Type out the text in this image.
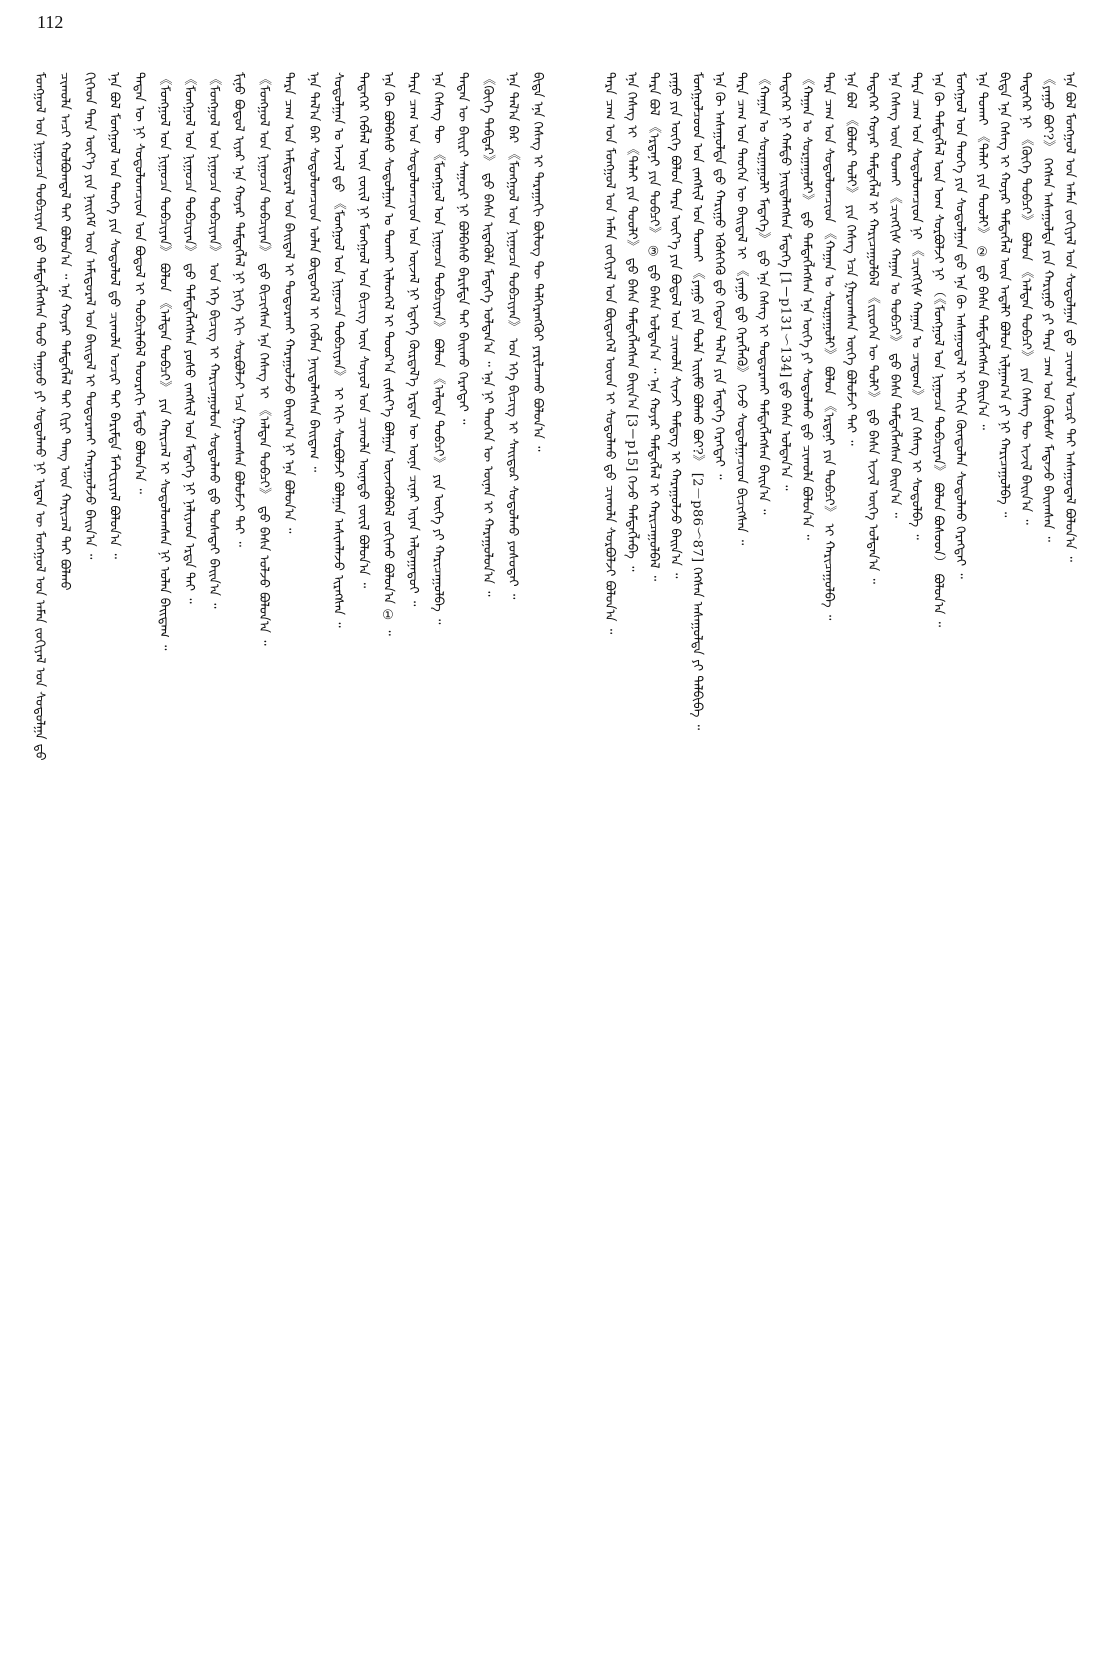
112
ᠮᠣᠩᠭᠣᠯ ᠤᠨ ᠨᠢᠭᠤᠴᠠ ᠲᠣᠪᠴᠢᠶᠠᠨ ᠳ᠋ᠤ᠌ ᠲᠡᠮᠳᠡᠭᠯᠡᠭᠰᠡᠨ ᠳᠤᠤ ᠳᠠᠭᠤᠤ ᠶᠢ ᠰᠣᠳᠤᠯᠬᠤ ᠨᠢ ᠡᠷᠲᠡᠨ ᠦ ᠮᠣᠩᠭᠣᠯ ᠤᠨ ᠠᠮᠠᠨ ᠵᠣᠬᠢᠶᠠᠯ ᠤᠨ ᠰᠤᠳᠤᠯᠭᠠ ᠳ᠋ᠤ᠌ ᠴᠢᠬᠤᠯᠠ ᠠᠴᠢ ᠬᠣᠯᠪᠣᠭᠳᠠᠯ ᠲᠠᠢ ᠪᠣᠯᠤᠨ᠎ᠠ ᠃ ᠡᠨᠡ ᠬᠣᠶᠠᠷ ᠲᠡᠮᠳᠡᠭᠯᠡᠯ ᠲᠠᠢ ᠬᠢᠷᠢ ᠲᠡᠩ ᠦᠨ ᠬᠠᠷᠢᠴᠠᠯ ᠲᠠᠢ ᠪᠣᠯᠬᠣ ᠬᠢᠭᠡᠳ ᠲᠡᠷᠡ ᠦᠶ᠎ᠡ ᠶᠢᠨ ᠨᠡᠢᠭᠡᠮ ᠦᠨ ᠠᠮᠢᠳᠤᠷᠠᠯ ᠤᠨ ᠪᠠᠢᠳᠠᠯ ᠢ ᠲᠣᠳᠣᠷᠬᠠᠢ ᠬᠠᠷᠠᠭᠤᠯᠵᠤ ᠪᠠᠢᠨ᠎ᠠ ᠃ ᠡᠨᠡ ᠪᠣᠯ ᠮᠣᠩᠭᠣᠯ ᠤᠨ ᠲᠡᠦᠬᠡ ᠶᠢᠨ ᠰᠤᠳᠤᠯᠤᠯ ᠳ᠋ᠤ᠌ ᠴᠢᠬᠤᠯᠠ ᠤᠴᠢᠷ ᠲᠠᠢ ᠪᠠᠷᠢᠮᠲᠠ ᠮᠠᠲᠧᠷᠢᠶᠠᠯ ᠪᠣᠯᠤᠨ᠎ᠠ ᠃ ᠲᠡᠳᠡᠨ ᠦ ᠨᠢ ᠰᠤᠳᠤᠯᠤᠭᠴᠢᠳ ᠤᠨ ᠪᠣᠳᠤᠯ ᠢ ᠲᠣᠪᠴᠢᠯᠠᠪᠠᠯ ᠳᠣᠣᠷᠠᠬᠢ ᠮᠡᠲᠦ ᠪᠣᠯᠤᠨ᠎ᠠ ᠃ 《ᠮᠣᠩᠭᠣᠯ ᠤᠨ ᠨᠢᠭᠤᠴᠠ ᠲᠣᠪᠴᠢᠶᠠᠨ》 ᠪᠣᠯᠤᠨ 《ᠠᠯᠲᠠᠨ ᠲᠣᠪᠴᠢ》 ᠶᠢᠨ ᠬᠠᠷᠢᠴᠠᠯ ᠢ ᠰᠤᠳᠤᠯᠤᠭᠰᠠᠨ ᠨᠢ ᠣᠯᠠᠨ ᠪᠠᠢᠳᠠᠭ ᠃ 《ᠮᠣᠩᠭᠣᠯ ᠤᠨ ᠨᠢᠭᠤᠴᠠ ᠲᠣᠪᠴᠢᠶᠠᠨ》 ᠳ᠋ᠤ᠌ ᠲᠡᠮᠳᠡᠭᠯᠡᠭᠰᠡᠨ ᠶᠣᠰᠤ ᠵᠠᠩᠰᠢᠯ ᠤᠨ ᠮᠡᠳᠡᠭᠡ ᠨᠢ ᠨᠡᠯᠢᠶᠡᠳ ᠡᠷᠲᠡ ᠲᠠᠢ ᠃ 《ᠮᠣᠩᠭᠣᠯ ᠤᠨ ᠨᠢᠭᠤᠴᠠ ᠲᠣᠪᠴᠢᠶᠠᠨ》 ᠤᠨ ᠡᠬᠡ ᠪᠢᠴᠢᠭ ᠢ ᠬᠠᠷᠢᠴᠠᠭᠤᠯᠤᠨ ᠰᠤᠳᠤᠯᠬᠤ ᠳ᠋ᠤ᠌ ᠲᠤᠰᠠᠲᠠᠢ ᠪᠠᠢᠨ᠎ᠠ ᠃ ᠮᠢᠨᠤ ᠪᠣᠳᠤᠯ ᠢᠶᠠᠷ ᠡᠨᠡ ᠬᠣᠶᠠᠷ ᠲᠡᠮᠳᠡᠭᠯᠡᠯ ᠨᠢ ᠨᠢᠭᠡ ᠡᠬᠢ ᠰᠤᠷᠪᠤᠯᠵᠢ ᠡᠴᠡ ᠭᠠᠷᠤᠭᠰᠠᠨ ᠪᠣᠯᠤᠮᠵᠢ ᠲᠠᠢ ᠃ 《ᠮᠣᠩᠭᠣᠯ ᠤᠨ ᠨᠢᠭᠤᠴᠠ ᠲᠣᠪᠴᠢᠶᠠᠨ》 ᠳ᠋ᠤ᠌ ᠪᠢᠴᠢᠭᠰᠡᠨ ᠡᠨᠡ ᠬᠡᠰᠡᠭ ᠢ 《ᠠᠯᠲᠠᠨ ᠲᠣᠪᠴᠢ》 ᠳ᠋ᠤ᠌ ᠪᠠᠰᠠ ᠣᠯᠵᠤ ᠪᠣᠯᠤᠨ᠎ᠠ ᠃ ᠲᠡᠷᠡ ᠴᠠᠭ ᠤᠨ ᠠᠮᠢᠳᠤᠷᠠᠯ ᠤᠨ ᠪᠠᠢᠳᠠᠯ ᠢ ᠲᠣᠳᠣᠷᠬᠠᠢ ᠬᠠᠷᠠᠭᠤᠯᠵᠤ ᠪᠠᠢᠭ᠎ᠠ ᠨᠢ ᠡᠨᠡ ᠪᠣᠯᠤᠨ᠎ᠠ ᠃ ᠡᠨᠡ ᠲᠠᠯ᠎ᠠ ᠪᠠᠷ ᠰᠤᠳᠤᠯᠤᠭᠴᠢᠳ ᠣᠯᠠᠨ ᠪᠦᠲᠦᠭᠡᠯ ᠢ ᠬᠡᠪᠯᠡᠨ ᠨᠡᠢᠲᠡᠯᠡᠭᠰᠡᠨ ᠪᠠᠢᠳᠠᠭ ᠃ ᠰᠤᠳᠤᠯᠭᠠᠨ ᠤ ᠠᠵᠢᠯ ᠳ᠋ᠤ᠌ 《ᠮᠣᠩᠭᠣᠯ ᠤᠨ ᠨᠢᠭᠤᠴᠠ ᠲᠣᠪᠴᠢᠶᠠᠨ》 ᠢ ᠡᠬᠢ ᠰᠤᠷᠪᠤᠯᠵᠢ ᠪᠣᠯᠭᠠᠨ ᠠᠰᠢᠭᠯᠠᠵᠤ ᠢᠷᠡᠭᠰᠡᠨ ᠃ ᠲᠡᠳᠡᠭᠡᠷ ᠬᠡᠪᠯᠡᠯ ᠦᠨ ᠵᠦᠢᠯ ᠨᠢ ᠮᠣᠩᠭᠣᠯ ᠤᠨ ᠪᠢᠴᠢᠭ ᠦᠨ ᠰᠣᠶᠣᠯ ᠤᠨ ᠴᠢᠬᠤᠯᠠ ᠦᠨᠡᠲᠦ ᠵᠦᠢᠯ ᠪᠣᠯᠤᠨ᠎ᠠ ᠃ ᠡᠨᠡ ᠬᠦ ᠪᠣᠯᠪᠠᠰᠤ ᠰᠤᠳᠤᠯᠭᠠᠨ ᠤ ᠲᠤᠬᠠᠢ ᠢᠯᠡᠳᠭᠡᠯ ᠢ ᠳᠣᠣᠷ᠎ᠠ ᠵᠢᠱᠢᠶ᠎ᠡ ᠪᠣᠯᠭᠠᠨ ᠦᠵᠡᠭᠦᠯᠪᠡᠯ ᠵᠣᠬᠢᠬᠤ ᠪᠣᠯᠤᠨ᠎ᠠ ① ᠃ ᠲᠡᠷᠡ ᠴᠠᠭ ᠤᠨ ᠰᠤᠳᠤᠯᠤᠭᠴᠢᠳ ᠤᠨ ᠦᠵᠡᠯ ᠨᠢ ᠡᠳᠡᠭᠡ ᠬᠦᠷᠲᠡᠯ᠎ᠡ ᠡᠷᠲᠡᠨ ᠦ ᠦᠨᠡ ᠴᠢᠨᠠᠷ ᠢᠶᠠᠨ ᠠᠯᠳᠠᠭᠠᠳᠤᠢ ᠃ ᠡᠨᠡ ᠬᠡᠰᠡᠭ ᠲᠦ 《ᠮᠣᠩᠭᠣᠯ ᠤᠨ ᠨᠢᠭᠤᠴᠠ ᠲᠣᠪᠴᠢᠶᠠᠨ》 ᠪᠣᠯᠤᠨ 《ᠠᠯᠲᠠᠨ ᠲᠣᠪᠴᠢ》 ᠶᠢᠨ ᠦᠭᠡ ᠶᠢ ᠬᠠᠷᠢᠴᠠᠭᠤᠯᠪᠠ ᠃ ᠲᠡᠳᠡᠨ ᠦ ᠪᠠᠢᠷᠢ ᠰᠠᠭᠤᠷᠢ ᠨᠢ ᠪᠣᠯᠪᠠᠰᠤ ᠪᠠᠷᠢᠮᠲᠠ ᠲᠠᠢ ᠪᠠᠢᠬᠤ ᠬᠡᠷᠡᠭᠲᠡᠢ ᠃ 《ᠬᠦᠬᠡ ᠳᠡᠪᠲᠡᠷ》 ᠳ᠋ᠤ᠌ ᠪᠠᠰᠠ ᠢᠳᠡᠭᠦᠯᠡ ᠮᠡᠳᠡᠭᠡ ᠣᠯᠳᠠᠨ᠎ᠠ ᠃ ᠡᠨᠡ ᠨᠢ ᠲᠡᠦᠬᠡᠨ ᠦ ᠦᠨᠡᠨ ᠢ ᠬᠠᠷᠠᠭᠤᠯᠤᠨ᠎ᠠ ᠃ ᠡᠨᠡ ᠲᠠᠯ᠎ᠠ ᠪᠠᠷ 《ᠮᠣᠩᠭᠣᠯ ᠤᠨ ᠨᠢᠭᠤᠴᠠ ᠲᠣᠪᠴᠢᠶᠠᠨ》 ᠤᠨ ᠡᠬᠡ ᠪᠢᠴᠢᠭ ᠢ ᠰᠠᠢᠲᠤᠷ ᠰᠤᠳᠤᠯᠬᠤ ᠶᠣᠰᠤᠲᠠᠢ ᠃ ᠪᠢᠳᠡ ᠡᠨᠡ ᠬᠡᠰᠡᠭ ᠢ ᠳᠠᠷᠠᠭᠠᠬᠢ ᠪᠦᠯᠦᠭ ᠲᠦ ᠳᠡᠯᠭᠡᠷᠡᠩᠭᠦᠢ ᠶᠠᠷᠢᠯᠴᠠᠬᠤ ᠪᠣᠯᠤᠨ᠎ᠠ ᠃	ᠲᠡᠷᠡ ᠴᠠᠭ ᠤᠨ ᠮᠣᠩᠭᠣᠯ ᠤᠨ ᠠᠮᠠᠨ ᠵᠣᠬᠢᠶᠠᠯ ᠤᠨ ᠪᠦᠲᠦᠭᠡᠯ ᠦᠳ ᠢ ᠰᠣᠳᠣᠯᠬᠤ ᠳ᠋ᠤ᠌ ᠴᠢᠬᠤᠯᠠ ᠰᠤᠷᠪᠤᠯᠵᠢ ᠪᠣᠯᠤᠨ᠎ᠠ ᠃ ᠡᠨᠡ ᠬᠡᠰᠡᠭ ᠢ 《ᠲᠠᠯᠠᠢ ᠶᠢᠨ ᠲᠤᠤᠯᠢ》 ᠳ᠋ᠤ᠌ ᠪᠠᠰᠠ ᠲᠡᠮᠳᠡᠭᠯᠡᠭᠰᠡᠨ ᠪᠠᠢᠨ᠎ᠠ [3－p15] ᠭᠡᠵᠦ ᠲᠡᠮᠳᠡᠭᠯᠡᠪᠡ ᠃ ᠲᠡᠷᠡ ᠪᠣᠯ 《ᠡᠷᠳᠡᠨᠢ ᠶᠢᠨ ᠲᠣᠪᠴᠢ》 ③ ᠳ᠋ᠤ᠌ ᠪᠠᠰᠠ ᠣᠯᠳᠠᠨ᠎ᠠ ᠃ ᠡᠨᠡ ᠬᠣᠶᠠᠷ ᠲᠡᠮᠳᠡᠭᠯᠡᠯ ᠢ ᠬᠠᠷᠢᠴᠠᠭᠤᠯᠪᠠᠯ ᠃ ᠶᠠᠭᠤ ᠶᠢᠨ ᠦᠭᠡ ᠪᠣᠯᠤᠨ ᠲᠡᠷᠡ ᠦᠶ᠎ᠡ ᠶᠢᠨ ᠪᠣᠳᠤᠯ ᠤᠨ ᠴᠢᠬᠤᠯᠠ ᠰᠢᠨᠵᠢ ᠲᠡᠮᠳᠡᠭ ᠢ ᠬᠠᠷᠠᠭᠤᠯᠵᠤ ᠪᠠᠢᠨ᠎ᠠ ᠃ ᠮᠣᠩᠭᠣᠯᠴᠤᠳ ᠤᠨ ᠵᠠᠩᠰᠢᠯ ᠤᠨ ᠲᠤᠬᠠᠢ 《ᠶᠠᠭᠤ ᠶᠢᠨ ᠲᠤᠯᠠ ᠡᠢᠢᠮᠦ ᠪᠣᠯᠬᠤ ᠪᠤᠢ?》 [2－p86～87] ᠭᠡᠭᠰᠡᠨ ᠠᠰᠠᠭᠤᠯᠲᠠ ᠶᠢ ᠲᠠᠯᠪᠢᠪᠠ ᠃ ᠡᠨᠡ ᠬᠦ ᠠᠰᠠᠭᠤᠯᠲᠠ ᠳ᠋ᠤ᠌ ᠬᠠᠷᠢᠭᠤ ᠡᠭᠦᠰᠬᠡᠬᠦ ᠳ᠋ᠤ᠌ ᠬᠡᠳᠦᠨ ᠲᠠᠯ᠎ᠠ ᠶᠢᠨ ᠮᠡᠳᠡᠭᠡ ᠬᠡᠷᠡᠭᠲᠡᠢ ᠃ ᠲᠡᠷᠡ ᠴᠠᠭ ᠤᠨ ᠲᠡᠦᠬᠡᠨ ᠦ ᠪᠠᠢᠳᠠᠯ ᠢ 《ᠶᠠᠭᠤ ᠳ᠋ᠤ᠌ ᠬᠡᠷᠡᠭᠯᠡᠬᠦ》 ᠭᠡᠵᠦ ᠰᠤᠳᠤᠯᠭᠠᠴᠢᠳ ᠪᠢᠴᠢᠭᠰᠡᠨ ᠃ 《ᠬᠠᠭᠠᠨ ᠤ ᠰᠤᠷᠭᠠᠭᠤᠯᠢ ᠮᠡᠳᠡᠭᠡ》 ᠳ᠋ᠤ᠌ ᠡᠨᠡ ᠬᠡᠰᠡᠭ ᠢ ᠲᠣᠳᠣᠷᠬᠠᠢ ᠲᠡᠮᠳᠡᠭᠯᠡᠭᠰᠡᠨ ᠪᠠᠢᠨ᠎ᠠ ᠃ ᠲᠡᠳᠡᠭᠡᠷ ᠨᠢ ᠬᠠᠮᠲᠤ ᠨᠡᠢᠲᠡᠯᠡᠭᠰᠡᠨ ᠮᠡᠳᠡᠭᠡ [1－p131～134] ᠳ᠋ᠤ᠌ ᠪᠠᠰᠠ ᠣᠯᠳᠠᠨ᠎ᠠ ᠃ 《ᠬᠠᠭᠠᠨ ᠤ ᠰᠤᠷᠭᠠᠭᠤᠯᠢ》 ᠳ᠋ᠤ᠌ ᠲᠡᠮᠳᠡᠭᠯᠡᠭᠰᠡᠨ ᠡᠨᠡ ᠦᠭᠡ ᠶᠢ ᠰᠤᠳᠤᠯᠬᠤ ᠳ᠋ᠤ᠌ ᠴᠢᠬᠤᠯᠠ ᠪᠣᠯᠤᠨ᠎ᠠ ᠃ ᠲᠡᠷᠡ ᠴᠠᠭ ᠤᠨ ᠰᠤᠳᠤᠯᠤᠭᠴᠢᠳ 《ᠬᠠᠭᠠᠨ ᠤ ᠰᠤᠷᠭᠠᠭᠤᠯᠢ》 ᠪᠣᠯᠤᠨ 《ᠡᠷᠳᠡᠨᠢ ᠶᠢᠨ ᠲᠣᠪᠴᠢ》 ᠢ ᠬᠠᠷᠢᠴᠠᠭᠤᠯᠪᠠ ᠃ ᠡᠨᠡ ᠪᠣᠯ 《ᠪᠣᠯᠣᠷ ᠲᠣᠯᠢ》 ᠶᠢᠨ ᠬᠡᠰᠡᠭ ᠡᠴᠡ ᠭᠠᠷᠤᠭᠰᠠᠨ ᠦᠭᠡ ᠪᠣᠯᠤᠮᠵᠢ ᠲᠠᠢ ᠃ ᠲᠡᠳᠡᠭᠡᠷ ᠬᠣᠶᠠᠷ ᠲᠡᠮᠳᠡᠭᠯᠡᠯ ᠢ ᠬᠠᠷᠢᠴᠠᠭᠤᠯᠪᠠᠯ 《ᠵᠢᠷᠦᠬᠡᠨ ᠦ ᠲᠣᠯᠢ》 ᠳ᠋ᠤ᠌ ᠪᠠᠰᠠ ᠢᠵᠢᠯ ᠦᠭᠡ ᠣᠯᠳᠠᠨ᠎ᠠ ᠃ ᠡᠨᠡ ᠬᠡᠰᠡᠭ ᠦᠨ ᠲᠤᠬᠠᠢ 《ᠴᠢᠩᠭᠢᠰ ᠬᠠᠭᠠᠨ ᠤ ᠲᠣᠪᠴᠢ》 ᠳ᠋ᠤ᠌ ᠪᠠᠰᠠ ᠲᠡᠮᠳᠡᠭᠯᠡᠭᠰᠡᠨ ᠪᠠᠢᠨ᠎ᠠ ᠃ ᠲᠡᠷᠡ ᠴᠠᠭ ᠤᠨ ᠰᠤᠳᠤᠯᠤᠭᠴᠢᠳ ᠨᠢ 《ᠴᠢᠩᠭᠢᠰ ᠬᠠᠭᠠᠨ ᠤ ᠴᠠᠳᠤᠭ》 ᠶᠢᠨ ᠬᠡᠰᠡᠭ ᠢ ᠰᠤᠳᠤᠯᠪᠠ ᠃ ᠡᠨᠡ ᠬᠦ ᠲᠡᠮᠳᠡᠭᠯᠡᠯ ᠦᠨ ᠤᠭ ᠰᠤᠷᠪᠤᠯᠵᠢ ᠨᠢ （《ᠮᠣᠩᠭᠣᠯ ᠤᠨ ᠨᠢᠭᠤᠴᠠ ᠲᠣᠪᠴᠢᠶᠠᠨ》 ᠪᠣᠯᠤᠨ ᠪᠤᠰᠤᠳ） ᠪᠣᠯᠤᠨ᠎ᠠ ᠃ ᠮᠣᠩᠭᠣᠯ ᠤᠨ ᠲᠡᠦᠬᠡ ᠶᠢᠨ ᠰᠤᠳᠤᠯᠭᠠᠨ ᠳ᠋ᠤ᠌ ᠡᠨᠡ ᠬᠦ ᠠᠰᠠᠭᠤᠳᠠᠯ ᠢ ᠳᠠᠬᠢᠨ ᠬᠦᠨᠳᠦᠯᠡᠨ ᠰᠤᠳᠤᠯᠬᠤ ᠬᠡᠷᠡᠭᠲᠡᠢ ᠃ ᠡᠨᠡ ᠲᠤᠬᠠᠢ 《ᠲᠠᠯᠠᠢ ᠶᠢᠨ ᠲᠤᠤᠯᠢ》 ② ᠳ᠋ᠤ᠌ ᠪᠠᠰᠠ ᠲᠡᠮᠳᠡᠭᠯᠡᠭᠰᠡᠨ ᠪᠠᠢᠨ᠎ᠠ ᠃ ᠪᠢᠳᠡ ᠡᠨᠡ ᠬᠡᠰᠡᠭ ᠢ ᠬᠣᠶᠠᠷ ᠲᠡᠮᠳᠡᠭᠯᠡᠯ ᠦᠨ ᠠᠳᠠᠯᠢ ᠪᠣᠯᠤᠨ ᠢᠯᠭᠠᠭ᠎ᠠ ᠶᠢ ᠨᠢ ᠬᠠᠷᠢᠴᠠᠭᠤᠯᠪᠠ ᠃ ᠲᠡᠳᠡᠭᠡᠷ ᠨᠢ 《ᠬᠦᠬᠡ ᠲᠣᠪᠴᠢ》 ᠪᠣᠯᠤᠨ 《ᠠᠯᠲᠠᠨ ᠲᠣᠪᠴᠢ》 ᠶᠢᠨ ᠬᠡᠰᠡᠭ ᠲᠦ ᠢᠵᠢᠯ ᠪᠠᠢᠨ᠎ᠠ ᠃ 《ᠶᠠᠭᠤ ᠪᠣᠢ?》 ᠭᠡᠭᠰᠡᠨ ᠠᠰᠠᠭᠤᠯᠲᠠ ᠶᠢᠨ ᠬᠠᠷᠢᠭᠤ ᠶᠢ ᠲᠡᠷᠡ ᠴᠠᠭ ᠤᠨ ᠬᠦᠮᠦᠰ ᠮᠡᠳᠡᠵᠦ ᠪᠠᠢᠭᠰᠠᠨ ᠃ ᠡᠨᠡ ᠪᠣᠯ ᠮᠣᠩᠭᠣᠯ ᠤᠨ ᠠᠮᠠᠨ ᠵᠣᠬᠢᠶᠠᠯ ᠤᠨ ᠰᠤᠳᠤᠯᠭᠠᠨ ᠳ᠋ᠤ᠌ ᠴᠢᠬᠤᠯᠠ ᠤᠴᠢᠷ ᠲᠠᠢ ᠠᠰᠠᠭᠤᠳᠠᠯ ᠪᠣᠯᠤᠨ᠎ᠠ ᠃
